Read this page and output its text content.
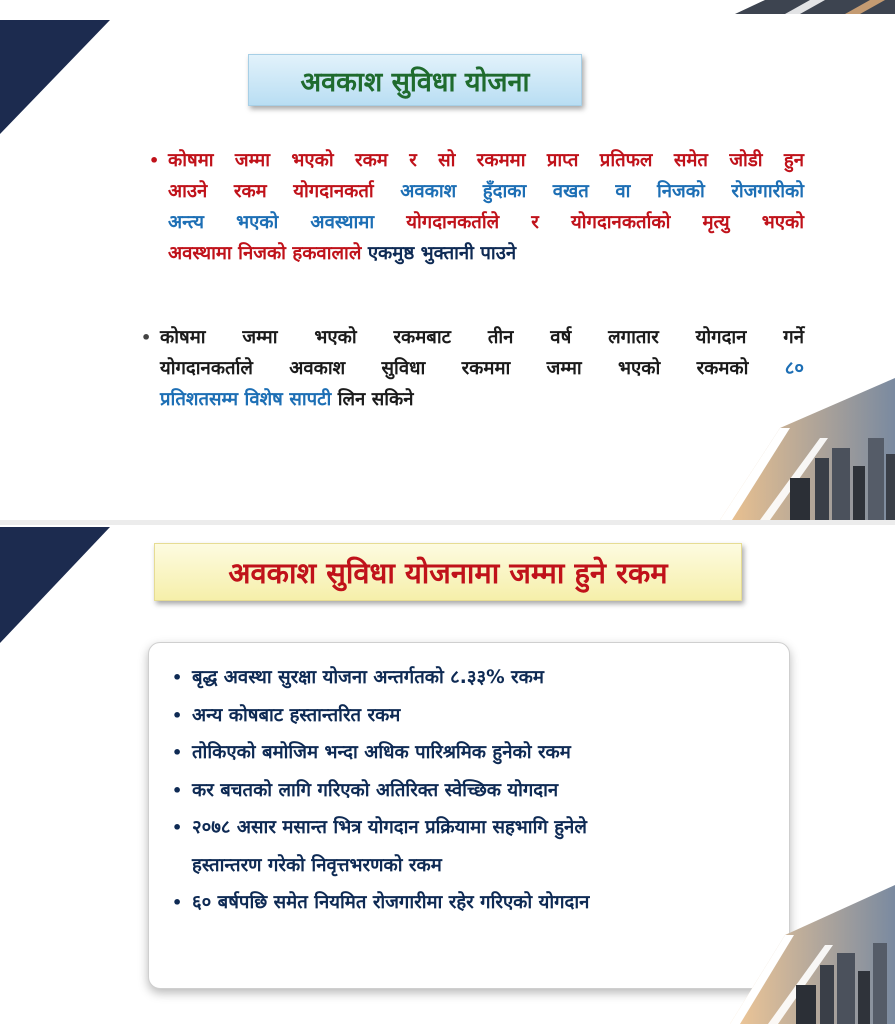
अवकाश सुविधा योजना
• कोषमा जम्मा भएको रकम र सो रकममा प्राप्त प्रतिफल समेत जोडी हुन
आउने रकम योगदानकर्ता अवकाश हुँदाका वखत वा निजको रोजगारीको
अन्त्य भएको अवस्थामा योगदानकर्ताले र योगदानकर्ताको मृत्यु भएको
अवस्थामा निजको हकवालाले एकमुष्ठ भुक्तानी पाउने
• कोषमा जम्मा भएको रकमबाट तीन वर्ष लगातार योगदान गर्ने
योगदानकर्ताले अवकाश सुविधा रकममा जम्मा भएको रकमको ८०
प्रतिशतसम्म विशेष सापटी लिन सकिने
अवकाश सुविधा योजनामा जम्मा हुने रकम
• बृद्ध अवस्था सुरक्षा योजना अन्तर्गतको ८.३३% रकम
• अन्य कोषबाट हस्तान्तरित रकम
• तोकिएको बमोजिम भन्दा अधिक पारिश्रमिक हुनेको रकम
• कर बचतको लागि गरिएको अतिरिक्त स्वेच्छिक योगदान
• २०७८ असार मसान्त भित्र योगदान प्रक्रियामा सहभागि हुनेले
हस्तान्तरण गरेको निवृत्तभरणको रकम
• ६० बर्षपछि समेत नियमित रोजगारीमा रहेर गरिएको योगदान
